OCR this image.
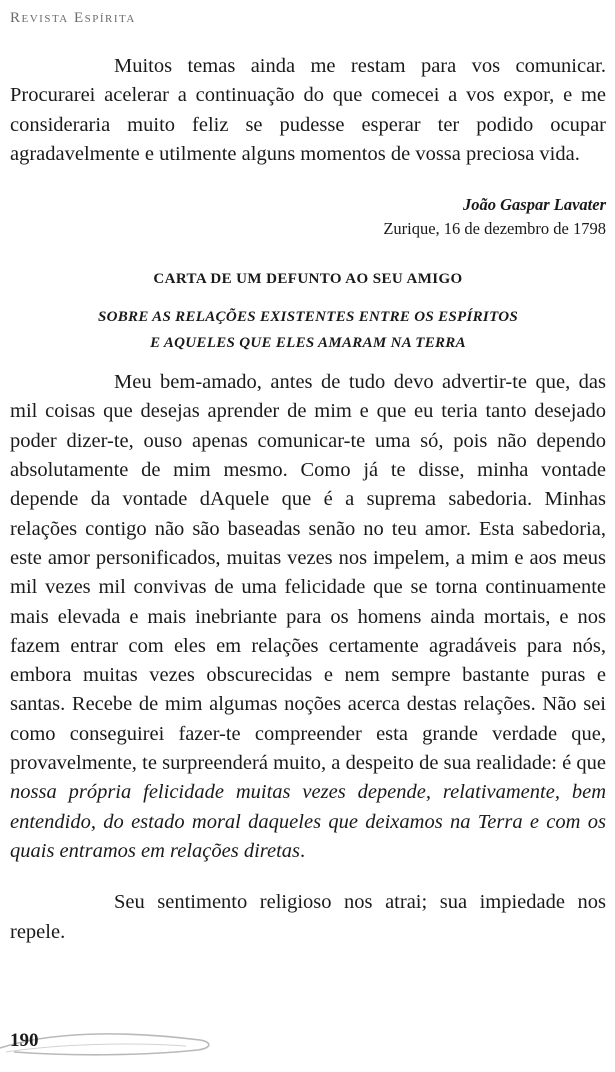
Revista Espírita

Muitos temas ainda me restam para vos comunicar. Procurarei acelerar a continuação do que comecei a vos expor, e me consideraria muito feliz se pudesse esperar ter podido ocupar agradavelmente e utilmente alguns momentos de vossa preciosa vida.

João Gaspar Lavater
Zurique, 16 de dezembro de 1798
CARTA DE UM DEFUNTO AO SEU AMIGO
SOBRE AS RELAÇÕES EXISTENTES ENTRE OS ESPÍRITOS
E AQUELES QUE ELES AMARAM NA TERRA

Meu bem-amado, antes de tudo devo advertir-te que, das mil coisas que desejas aprender de mim e que eu teria tanto desejado poder dizer-te, ouso apenas comunicar-te uma só, pois não dependo absolutamente de mim mesmo. Como já te disse, minha vontade depende da vontade dAquele que é a suprema sabedoria. Minhas relações contigo não são baseadas senão no teu amor. Esta sabedoria, este amor personificados, muitas vezes nos impelem, a mim e aos meus mil vezes mil convivas de uma felicidade que se torna continuamente mais elevada e mais inebriante para os homens ainda mortais, e nos fazem entrar com eles em relações certamente agradáveis para nós, embora muitas vezes obscurecidas e nem sempre bastante puras e santas. Recebe de mim algumas noções acerca destas relações. Não sei como conseguirei fazer-te compreender esta grande verdade que, provavelmente, te surpreenderá muito, a despeito de sua realidade: é que nossa própria felicidade muitas vezes depende, relativamente, bem entendido, do estado moral daqueles que deixamos na Terra e com os quais entramos em relações diretas.

Seu sentimento religioso nos atrai; sua impiedade nos repele.

190
